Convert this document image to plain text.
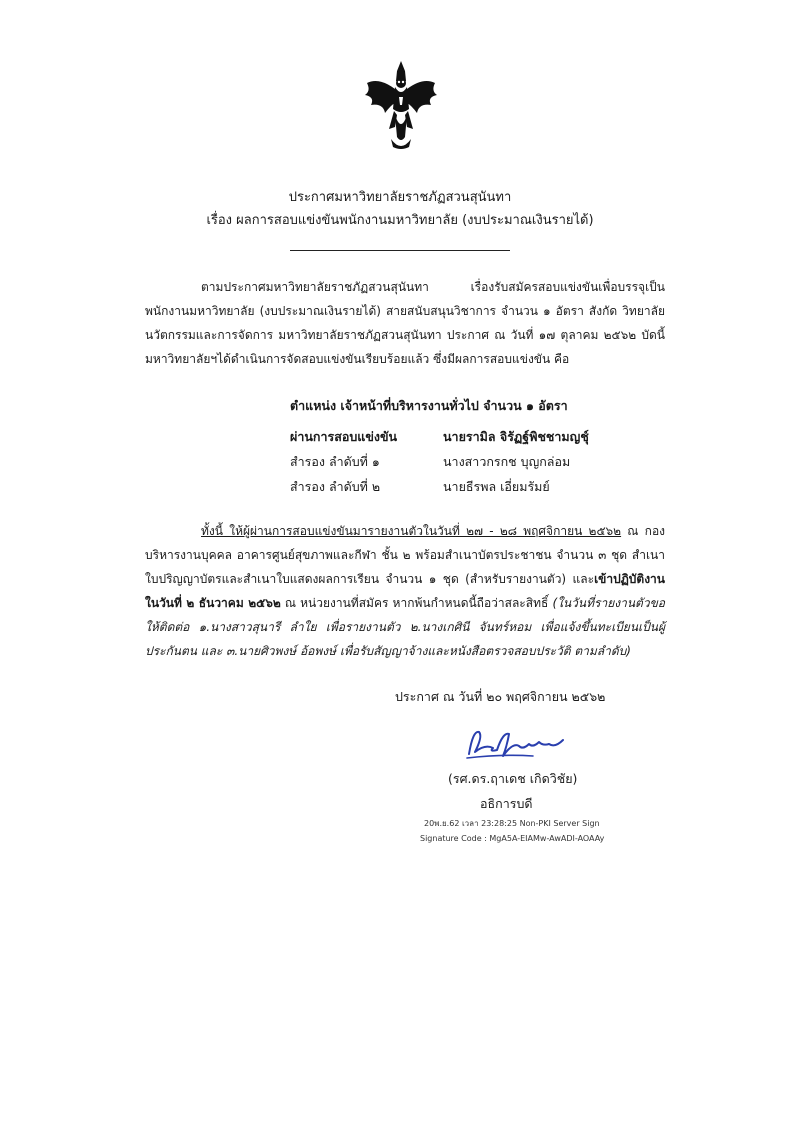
ประกาศมหาวิทยาลัยราชภัฏสวนสุนันทา
เรื่อง ผลการสอบแข่งขันพนักงานมหาวิทยาลัย (งบประมาณเงินรายได้)
ตามประกาศมหาวิทยาลัยราชภัฏสวนสุนันทา เรื่องรับสมัครสอบแข่งขันเพื่อบรรจุเป็นพนักงานมหาวิทยาลัย (งบประมาณเงินรายได้) สายสนับสนุนวิชาการ จำนวน ๑ อัตรา สังกัด วิทยาลัยนวัตกรรมและการจัดการ มหาวิทยาลัยราชภัฏสวนสุนันทา ประกาศ ณ วันที่ ๑๗ ตุลาคม ๒๕๖๒ บัดนี้ มหาวิทยาลัยฯได้ดำเนินการจัดสอบแข่งขันเรียบร้อยแล้ว ซึ่งมีผลการสอบแข่งขัน คือ
ตำแหน่ง เจ้าหน้าที่บริหารงานทั่วไป จำนวน ๑ อัตรา
ผ่านการสอบแข่งขัน	นายรามิล จิรัฏฐ์พิชชามญชุ์
สำรอง ลำดับที่ ๑	นางสาวกรกช บุญกล่อม
สำรอง ลำดับที่ ๒	นายธีรพล เอี่ยมรัมย์
ทั้งนี้ ให้ผู้ผ่านการสอบแข่งขันมารายงานตัวในวันที่ ๒๗ - ๒๘ พฤศจิกายน ๒๕๖๒ ณ กองบริหารงานบุคคล อาคารศูนย์สุขภาพและกีฬา ชั้น ๒ พร้อมสำเนาบัตรประชาชน จำนวน ๓ ชุด สำเนาใบปริญญาบัตรและสำเนาใบแสดงผลการเรียน จำนวน ๑ ชุด (สำหรับรายงานตัว) และเข้าปฏิบัติงานในวันที่ ๒ ธันวาคม ๒๕๖๒ ณ หน่วยงานที่สมัคร หากพ้นกำหนดนี้ถือว่าสละสิทธิ์ (ในวันที่รายงานตัวขอให้ติดต่อ ๑.นางสาวสุนารี ลำใย เพื่อรายงานตัว ๒.นางเกศินี จันทร์หอม เพื่อแจ้งขึ้นทะเบียนเป็นผู้ประกันตน และ ๓.นายศิวพงษ์ อ้อพงษ์ เพื่อรับสัญญาจ้างและหนังสือตรวจสอบประวัติ ตามลำดับ)
ประกาศ ณ วันที่ ๒๐ พฤศจิกายน ๒๕๖๒
(รศ.ดร.ฤาเดช เกิดวิชัย)
อธิการบดี
20พ.ย.62 เวลา 23:28:25 Non-PKI Server Sign
Signature Code : MgA5A-EIAMw-AwADI-AOAAy
